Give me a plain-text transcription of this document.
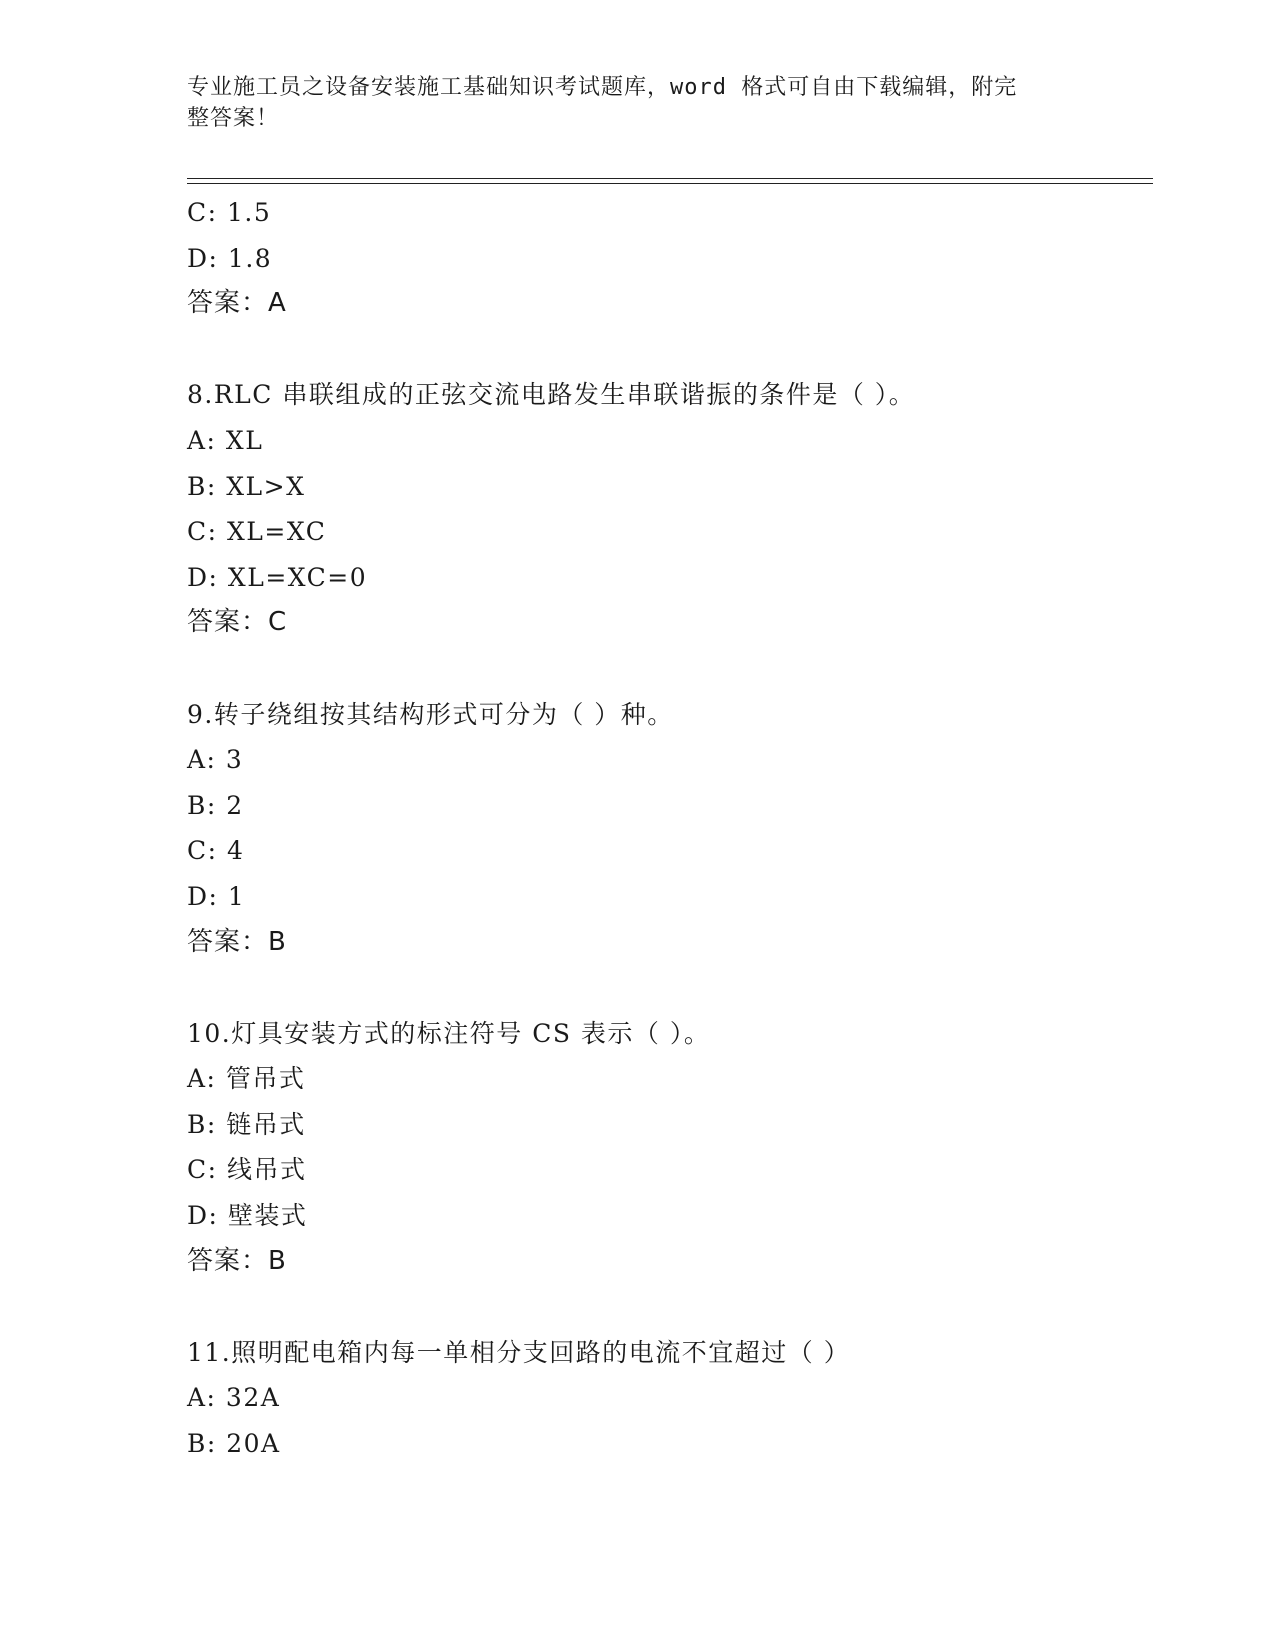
专业施工员之设备安装施工基础知识考试题库，word 格式可自由下载编辑，附完
整答案！
C: 1.5
D: 1.8
答案：A
8.RLC 串联组成的正弦交流电路发生串联谐振的条件是（ ）。
A: XL
B: XL>X
C: XL=XC
D: XL=XC=0
答案：C
9.转子绕组按其结构形式可分为（ ）种。
A: 3
B: 2
C: 4
D: 1
答案：B
10.灯具安装方式的标注符号 CS 表示（ ）。
A: 管吊式
B: 链吊式
C: 线吊式
D: 壁装式
答案：B
11.照明配电箱内每一单相分支回路的电流不宜超过（ ）
A: 32A
B: 20A
